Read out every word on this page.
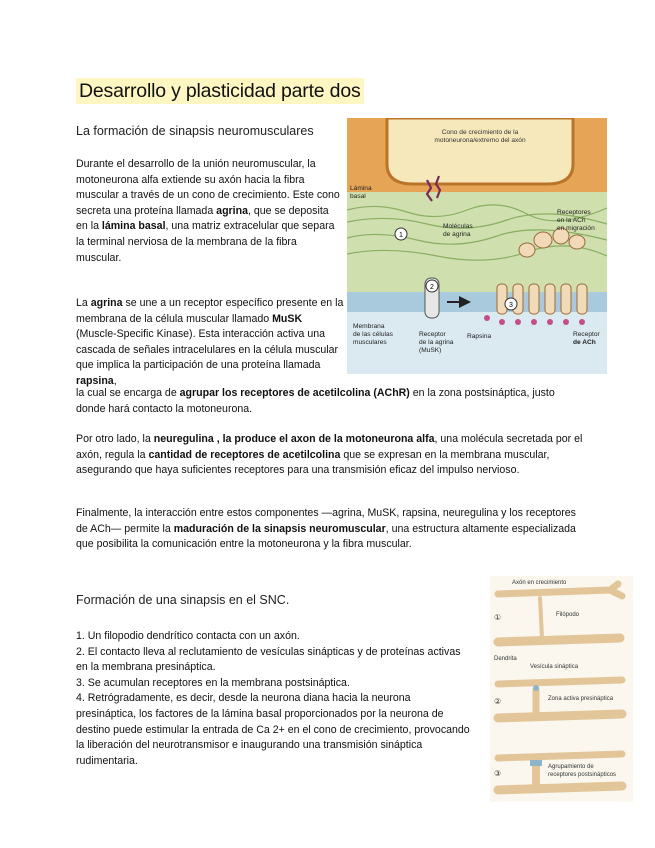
Desarrollo y plasticidad parte dos
La formación de sinapsis neuromusculares

Durante el desarrollo de la unión neuromuscular, la motoneurona alfa extiende su axón hacia la fibra muscular a través de un cono de crecimiento. Este cono secreta una proteína llamada agrina, que se deposita en la lámina basal, una matriz extracelular que separa la terminal nerviosa de la membrana de la fibra muscular.

La agrina se une a un receptor específico presente en la membrana de la célula muscular llamado MuSK (Muscle-Specific Kinase). Esta interacción activa una cascada de señales intracelulares en la célula muscular que implica la participación de una proteína llamada rapsina,

la cual se encarga de agrupar los receptores de acetilcolina (AChR) en la zona postsináptica, justo donde hará contacto la motoneurona.

Por otro lado, la neuregulina , la produce el axon de la motoneurona alfa, una molécula secretada por el axón, regula la cantidad de receptores de acetilcolina que se expresan en la membrana muscular, asegurando que haya suficientes receptores para una transmisión eficaz del impulso nervioso.

Finalmente, la interacción entre estos componentes —agrina, MuSK, rapsina, neuregulina y los receptores de ACh— permite la maduración de la sinapsis neuromuscular, una estructura altamente especializada que posibilita la comunicación entre la motoneurona y la fibra muscular.

Cono de crecimiento de la
motoneurona/extremo del axón
Lámina
basal
Moléculas
de agrina
Receptores
en la ACh
en migración
Membrana
de las células
musculares
Receptor
de la agrina
(MuSK)
Rapsina	Receptor
de ACh
1
2
3
Formación de una sinapsis en el SNC.
1. Un filopodio dendrítico contacta con un axón.
2. El contacto lleva al reclutamiento de vesículas sinápticas y de proteínas activas en la membrana presináptica.
3. Se acumulan receptores en la membrana postsináptica.
4. Retrógradamente, es decir, desde la neurona diana hacia la neurona presináptica, los factores de la lámina basal proporcionados por la neurona de destino puede estimular la entrada de Ca 2+ en el cono de crecimiento, provocando la liberación del neurotransmisor e inaugurando una transmisión sináptica rudimentaria.
Axón en crecimiento
Filópodo
Dendrita
Vesícula sináptica
Zona activa presináptica
Agrupamiento de
receptores postsinápticos
①
②
③
